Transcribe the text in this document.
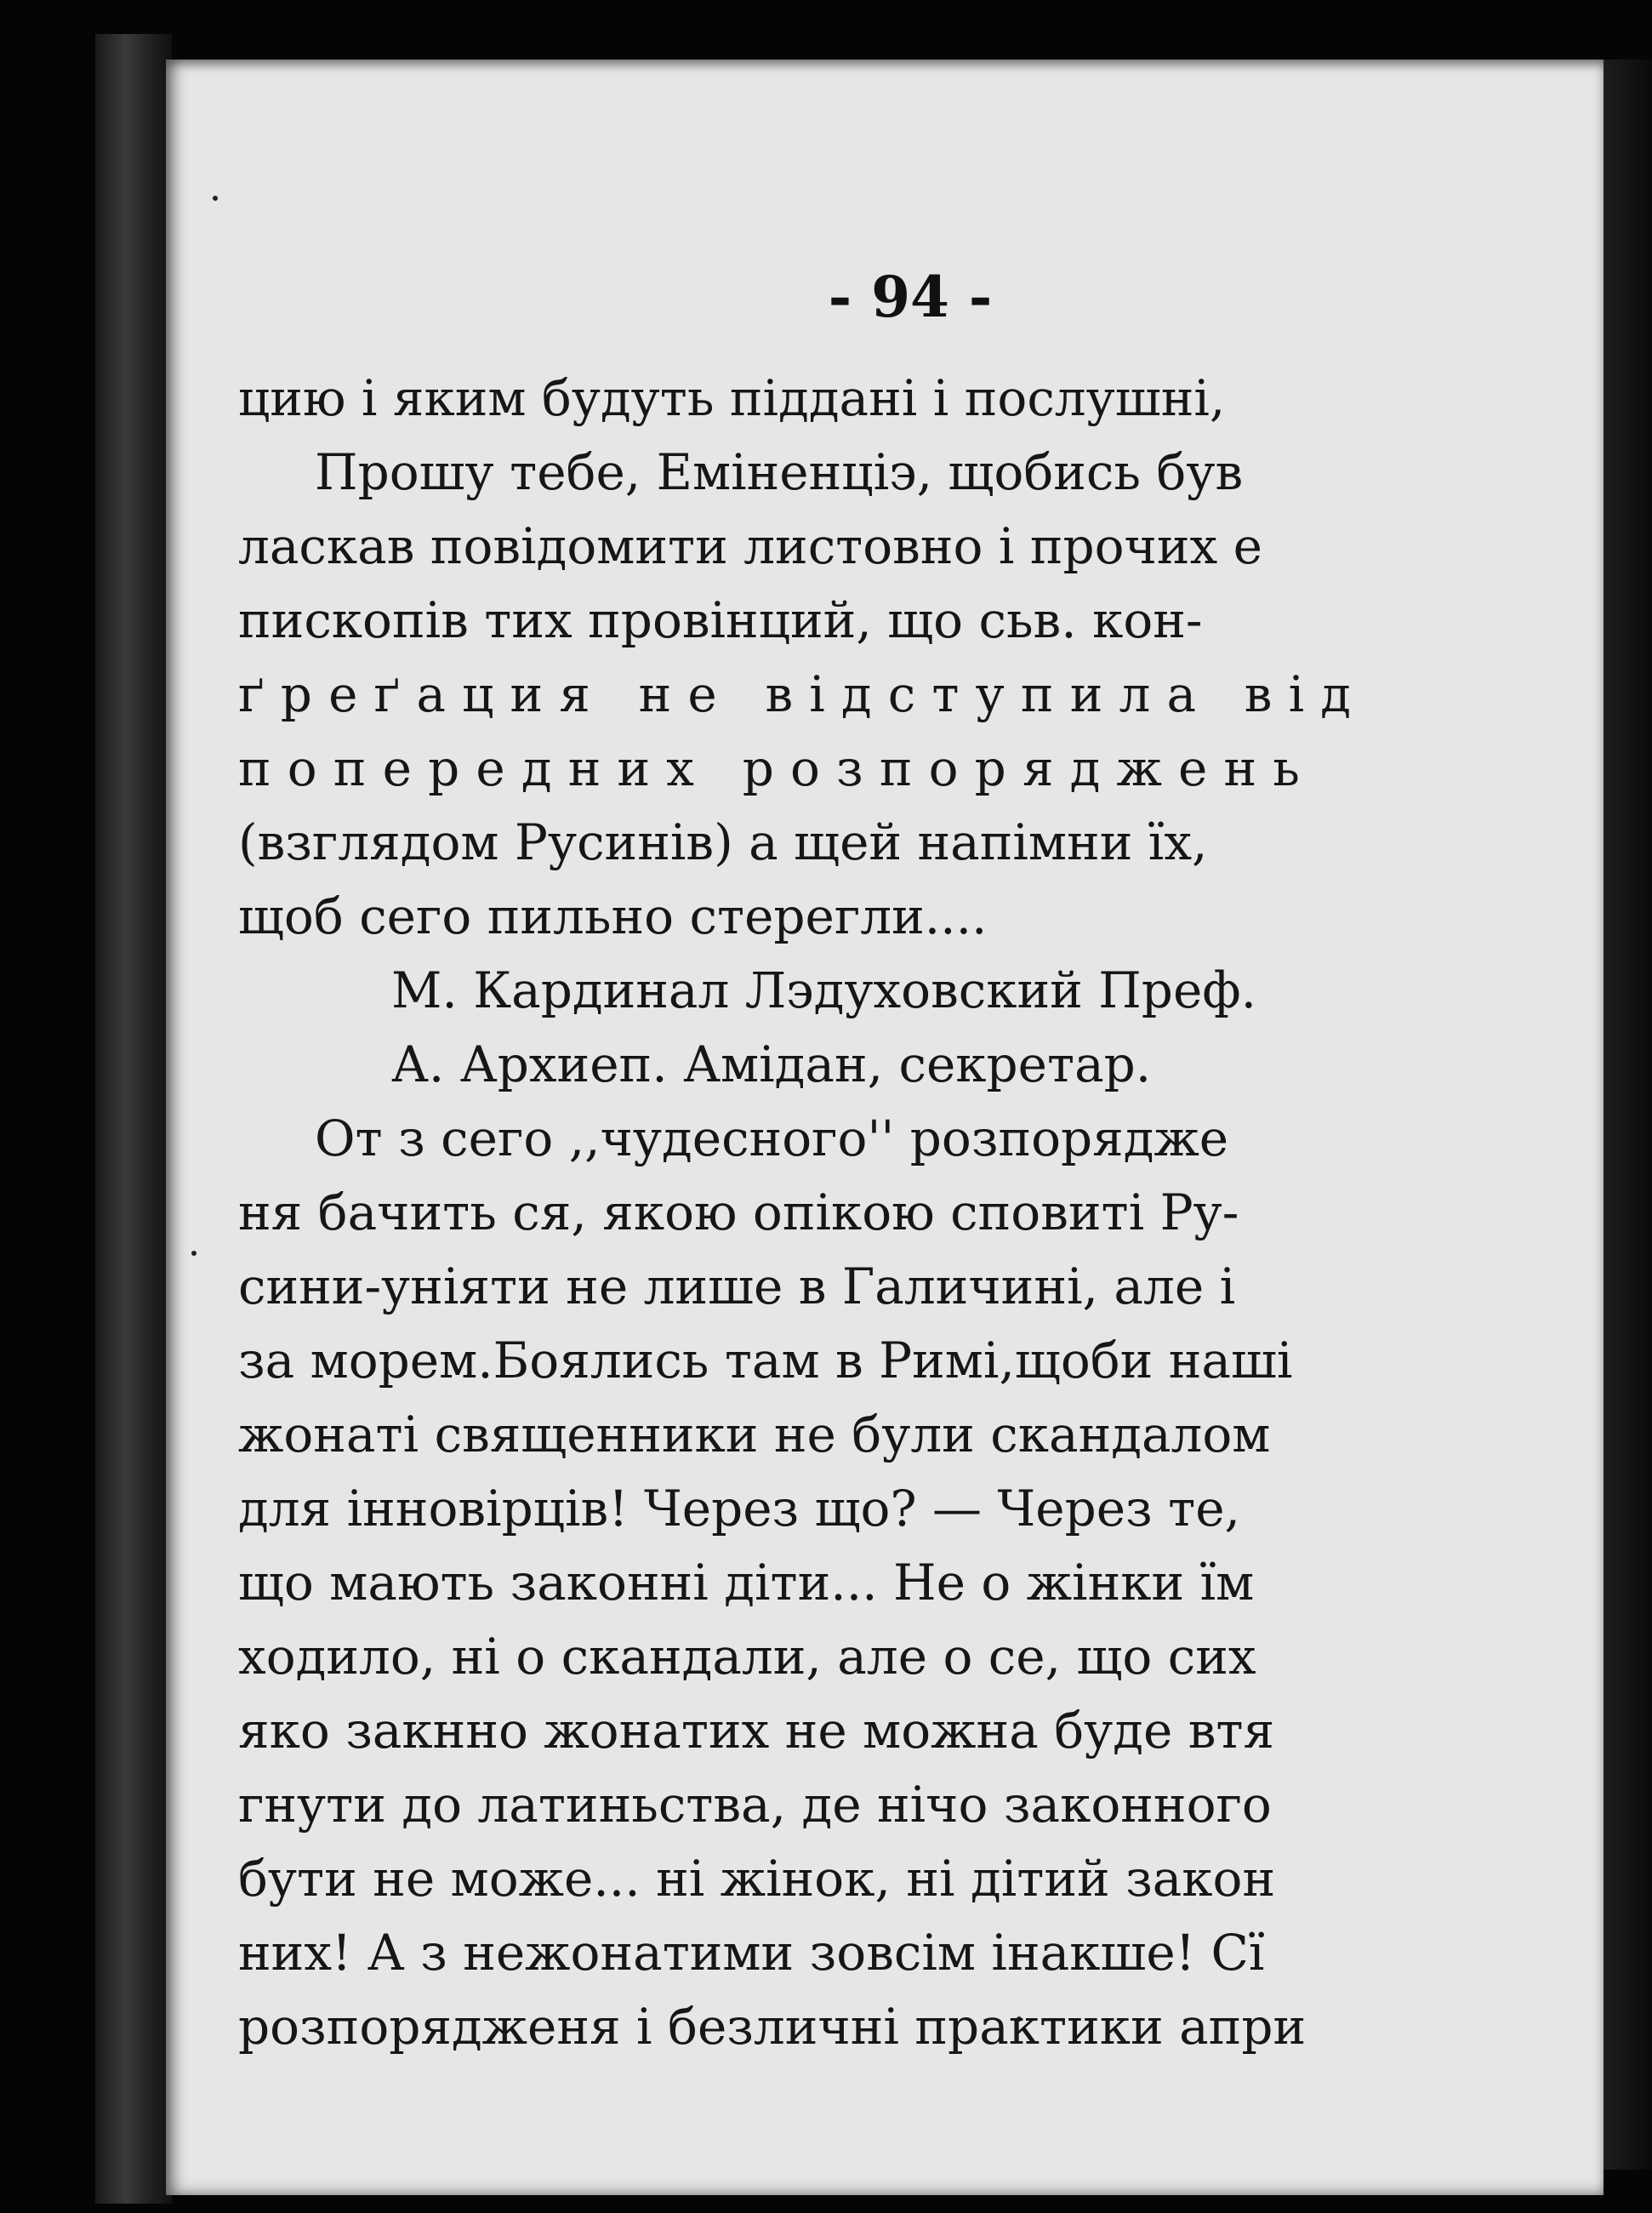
- 94 -
цию і яким будуть піддані і послушні,
Прошу тебе, Еміненціэ, щобись був
ласкав повідомити листовно і прочих е
пископів тих провінций, що сьв. кон-
ґреґация не відступила від
попередних розпоряджень
(взглядом Русинів) а щей напімни їх,
щоб сего пильно стерегли....
М. Кардинал Лэдуховский Преф.
А. Архиеп. Амідан, секретар.
От з сего ,,чудесного'' розпорядже
ня бачить ся, якою опікою сповиті Ру-
сини-уніяти не лише в Галичині, але і
за морем.Боялись там в Римі,щоби наші
жонаті священники не були скандалом
для інновірців! Через що? — Через те,
що мають законні діти... Не о жінки їм
ходило, ні о скандали, але о се, що сих
яко закнно жонатих не можна буде втя
гнути до латиньства, де нічо законного
бути не може... ні жінок, ні дітий закон
них! А з нежонатими зовсім інакше! Сї
розпорядженя і безличні практики апри
